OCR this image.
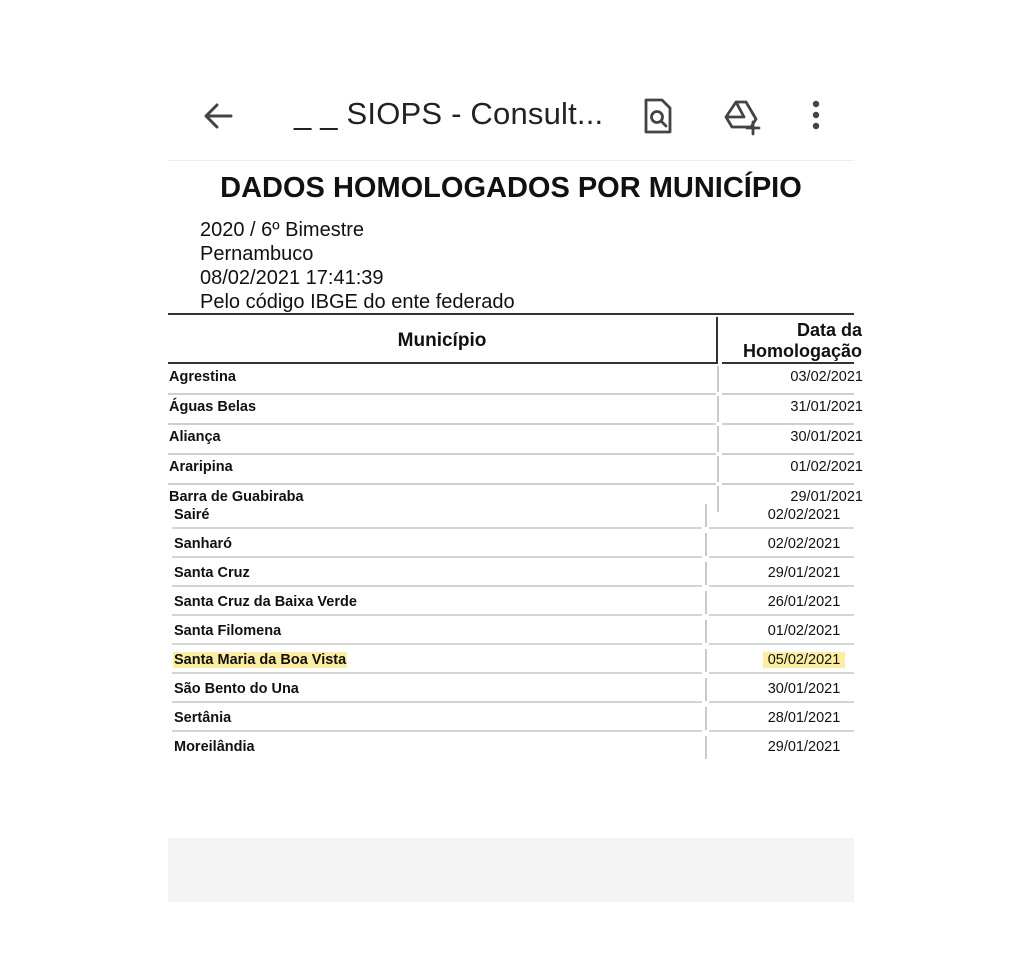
_ _ SIOPS - Consult...
DADOS HOMOLOGADOS POR MUNICÍPIO
2020 / 6º Bimestre
Pernambuco
08/02/2021 17:41:39
Pelo código IBGE do ente federado
Município	Data da
Homologação
Agrestina	03/02/2021
Águas Belas	31/01/2021
Aliança	30/01/2021
Araripina	01/02/2021
Barra de Guabiraba	29/01/2021
Sairé	02/02/2021
Sanharó	02/02/2021
Santa Cruz	29/01/2021
Santa Cruz da Baixa Verde	26/01/2021
Santa Filomena	01/02/2021
Santa Maria da Boa Vista	05/02/2021
São Bento do Una	30/01/2021
Sertânia	28/01/2021
Moreilândia	29/01/2021
